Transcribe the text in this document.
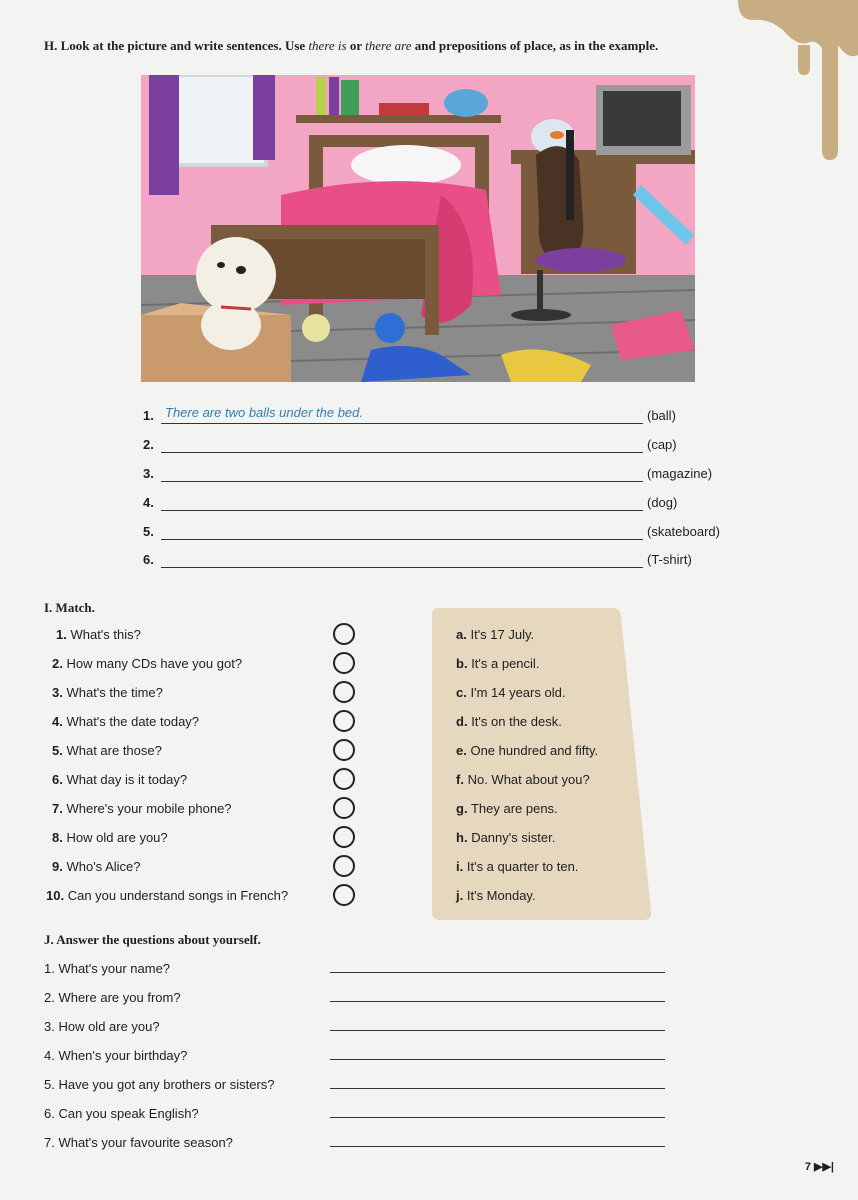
H. Look at the picture and write sentences. Use there is or there are and prepositions of place, as in the example.
1. There are two balls under the bed.	(ball)
2.	(cap)
3.	(magazine)
4.	(dog)
5.	(skateboard)
6.	(T-shirt)
I. Match.
1. What's this?
2. How many CDs have you got?
3. What's the time?
4. What's the date today?
5. What are those?
6. What day is it today?
7. Where's your mobile phone?
8. How old are you?
9. Who's Alice?
10. Can you understand songs in French?
a. It's 17 July.
b. It's a pencil.
c. I'm 14 years old.
d. It's on the desk.
e. One hundred and fifty.
f. No. What about you?
g. They are pens.
h. Danny's sister.
i. It's a quarter to ten.
j. It's Monday.
J. Answer the questions about yourself.
1. What's your name?
2. Where are you from?
3. How old are you?
4. When's your birthday?
5. Have you got any brothers or sisters?
6. Can you speak English?
7. What's your favourite season?
7 ▶▶|
